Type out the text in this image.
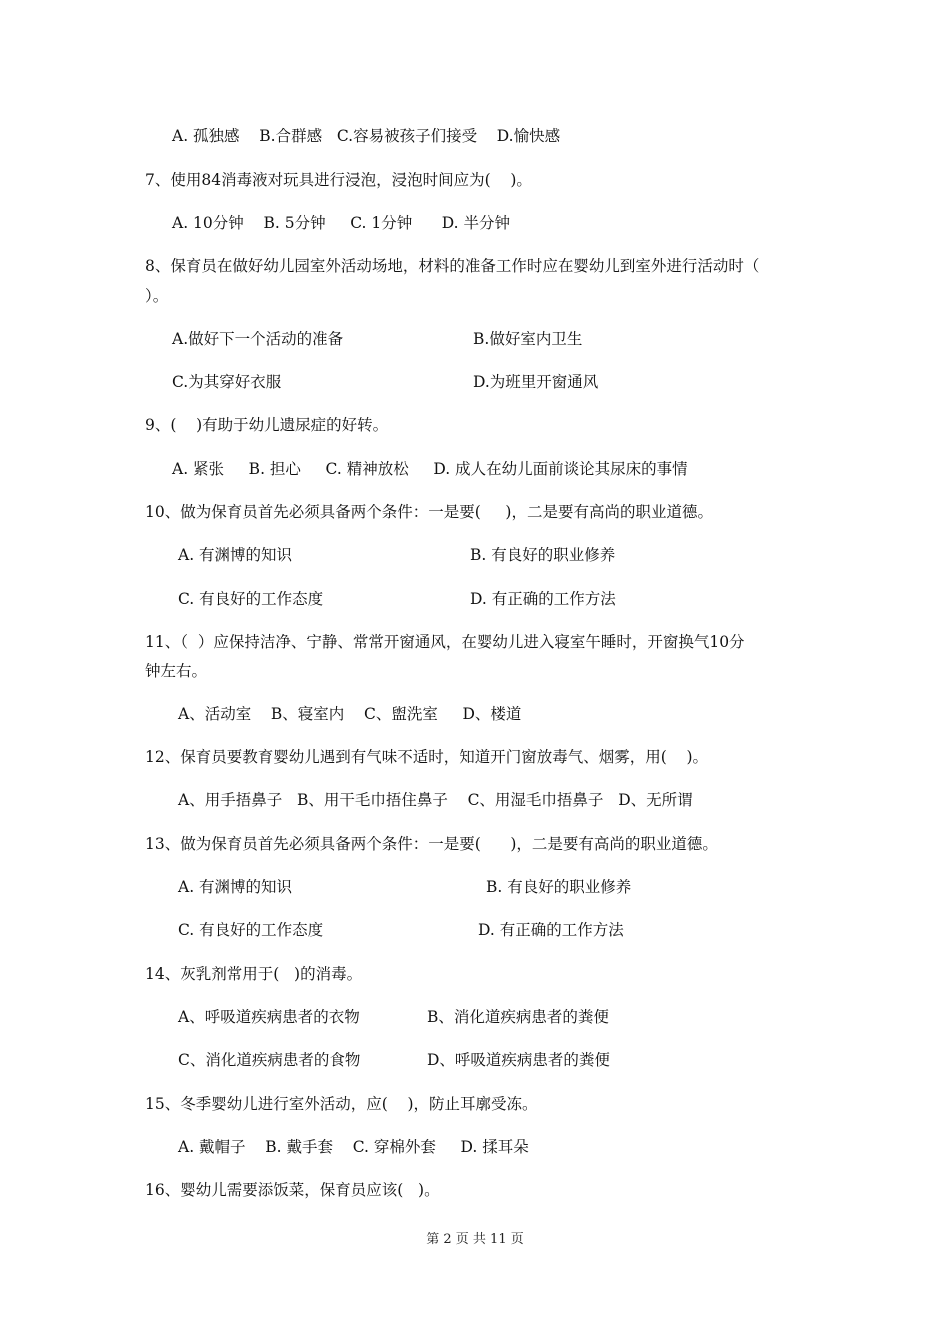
A. 孤独感    B.合群感   C.容易被孩子们接受    D.愉快感
7、使用84消毒液对玩具进行浸泡，浸泡时间应为(    )。
A. 10分钟    B. 5分钟     C. 1分钟      D. 半分钟
8、保育员在做好幼儿园室外活动场地，材料的准备工作时应在婴幼儿到室外进行活动时（
）。
A.做好下一个活动的准备	B.做好室内卫生
C.为其穿好衣服	D.为班里开窗通风
9、(    )有助于幼儿遗尿症的好转。
A. 紧张     B. 担心     C. 精神放松     D. 成人在幼儿面前谈论其尿床的事情
10、做为保育员首先必须具备两个条件：一是要(     )，二是要有高尚的职业道德。
A. 有渊博的知识	B. 有良好的职业修养
C. 有良好的工作态度	D. 有正确的工作方法
11、（  ）应保持洁净、宁静、常常开窗通风，在婴幼儿进入寝室午睡时，开窗换气10分
钟左右。
A、活动室    B、寝室内    C、盥洗室     D、楼道
12、保育员要教育婴幼儿遇到有气味不适时，知道开门窗放毒气、烟雾，用(    )。
A、用手捂鼻子   B、用干毛巾捂住鼻子    C、用湿毛巾捂鼻子   D、无所谓
13、做为保育员首先必须具备两个条件：一是要(      )，二是要有高尚的职业道德。
A. 有渊博的知识	B. 有良好的职业修养
C. 有良好的工作态度	D. 有正确的工作方法
14、灰乳剂常用于(   )的消毒。
A、呼吸道疾病患者的衣物	B、消化道疾病患者的粪便
C、消化道疾病患者的食物	D、呼吸道疾病患者的粪便
15、冬季婴幼儿进行室外活动，应(    )，防止耳廓受冻。
A. 戴帽子    B. 戴手套    C. 穿棉外套     D. 揉耳朵
16、婴幼儿需要添饭菜，保育员应该(   )。
第 2 页 共 11 页
